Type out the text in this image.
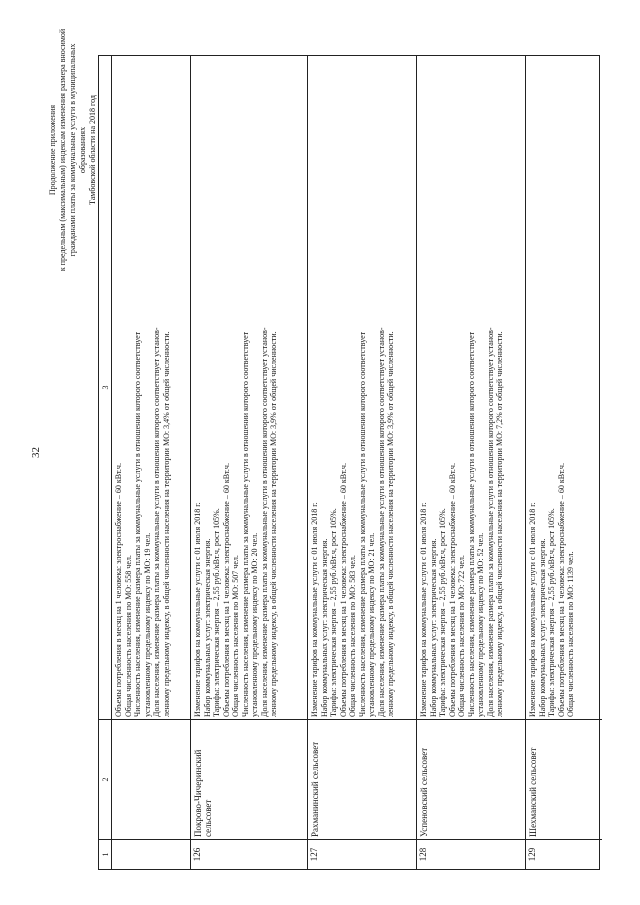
32
Продолжение приложения к предельным (максимальным) индексам изменения размера вносимой гражданами платы за коммунальные услуги в муниципальных образованиях Тамбовской области на 2018 год
1
2
3
Объемы потребления в месяц на 1 человека: электроснабжение – 60 кВт.ч. Общая численность населения по МО: 558 чел. Численность населения, изменение размера платы за коммунальные услуги в отношении которого соответствует установленному предельному индексу по МО: 19 чел. Доля населения, изменение размера платы за коммунальные услуги в отношении которого соответствует установ- ленному предельному индексу, в общей численности населения на территории МО: 3,4% от общей численности.
126
Покрово-Чичеринский сельсовет
Изменение тарифов на коммунальные услуги с 01 июля 2018 г. Набор коммунальных услуг: электрическая энергия. Тарифы: электрическая энергия – 2,55 руб./кВт.ч, рост 105%. Объемы потребления в месяц на 1 человека: электроснабжение – 60 кВт.ч. Общая численность населения по МО: 507 чел. Численность населения, изменение размера платы за коммунальные услуги в отношении которого соответствует установленному предельному индексу по МО: 20 чел. Доля населения, изменение размера платы за коммунальные услуги в отношении которого соответствует установ- ленному предельному индексу, в общей численности населения на территории МО: 3,9% от общей численности.
127
Рахманинский сельсовет
Изменение тарифов на коммунальные услуги с 01 июля 2018 г. Набор коммунальных услуг: электрическая энергия. Тарифы: электрическая энергия – 2,55 руб./кВт.ч, рост 105%. Объемы потребления в месяц на 1 человека: электроснабжение – 60 кВт.ч. Общая численность населения по МО: 583 чел. Численность населения, изменение размера платы за коммунальные услуги в отношении которого соответствует установленному предельному индексу по МО: 21 чел. Доля населения, изменение размера платы за коммунальные услуги в отношении которого соответствует установ- ленному предельному индексу, в общей численности населения на территории МО: 3,9% от общей численности.
128
Успеновский сельсовет
Изменение тарифов на коммунальные услуги с 01 июля 2018 г. Набор коммунальных услуг: электрическая энергия. Тарифы: электрическая энергия – 2,55 руб./кВт.ч, рост 105%. Объемы потребления в месяц на 1 человека: электроснабжение – 60 кВт.ч. Общая численность населения по МО: 722 чел. Численность населения, изменение размера платы за коммунальные услуги в отношении которого соответствует установленному предельному индексу по МО: 52 чел. Доля населения, изменение размера платы за коммунальные услуги в отношении которого соответствует установ- ленному предельному индексу, в общей численности населения на территории МО: 7,2% от общей численности.
129
Шехманский сельсовет
Изменение тарифов на коммунальные услуги с 01 июля 2018 г. Набор коммунальных услуг: электрическая энергия. Тарифы: электрическая энергия – 2,55 руб./кВт.ч, рост 105%. Объемы потребления в месяц на 1 человека: электроснабжение – 60 кВт.ч. Общая численность населения по МО: 1139 чел.
